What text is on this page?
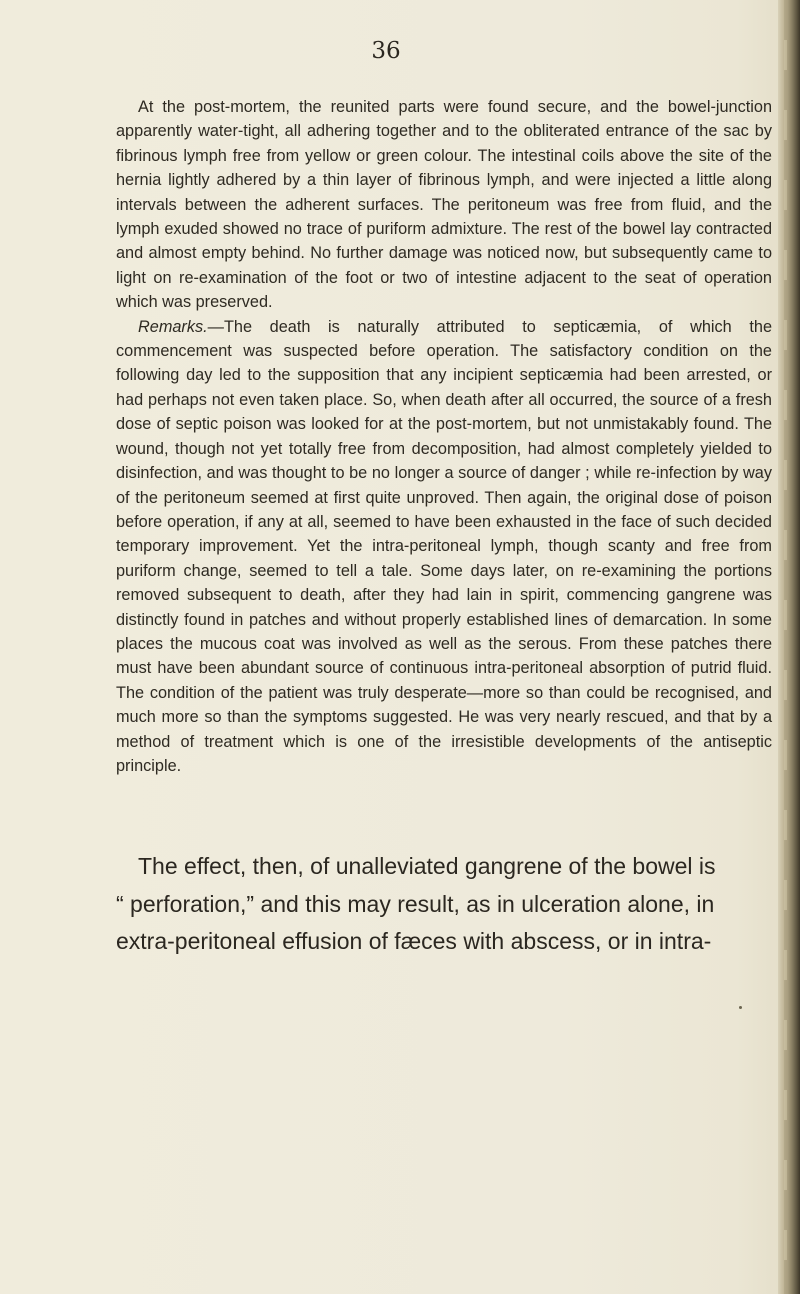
36

At the post-mortem, the reunited parts were found secure, and the bowel-junction apparently water-tight, all adhering together and to the obliterated entrance of the sac by fibrinous lymph free from yellow or green colour. The intestinal coils above the site of the hernia lightly adhered by a thin layer of fibrinous lymph, and were injected a little along intervals between the adherent surfaces. The peritoneum was free from fluid, and the lymph exuded showed no trace of puriform admixture. The rest of the bowel lay contracted and almost empty behind. No further damage was noticed now, but subsequently came to light on re-examination of the foot or two of intestine adjacent to the seat of operation which was preserved.

Remarks.—The death is naturally attributed to septicæmia, of which the commencement was suspected before operation. The satisfactory condition on the following day led to the supposition that any incipient septicæmia had been arrested, or had perhaps not even taken place. So, when death after all occurred, the source of a fresh dose of septic poison was looked for at the post-mortem, but not unmistakably found. The wound, though not yet totally free from decomposition, had almost completely yielded to disinfection, and was thought to be no longer a source of danger ; while re-infection by way of the peritoneum seemed at first quite unproved. Then again, the original dose of poison before operation, if any at all, seemed to have been exhausted in the face of such decided temporary improvement. Yet the intra-peritoneal lymph, though scanty and free from puriform change, seemed to tell a tale. Some days later, on re-examining the portions removed subsequent to death, after they had lain in spirit, commencing gangrene was distinctly found in patches and without properly established lines of demarcation. In some places the mucous coat was involved as well as the serous. From these patches there must have been abundant source of continuous intra-peritoneal absorption of putrid fluid. The condition of the patient was truly desperate—more so than could be recognised, and much more so than the symptoms suggested. He was very nearly rescued, and that by a method of treatment which is one of the irresistible developments of the antiseptic principle.

The effect, then, of unalleviated gangrene of the bowel is

“ perforation,” and this may result, as in ulceration alone, in

extra-peritoneal effusion of fæces with abscess, or in intra-
